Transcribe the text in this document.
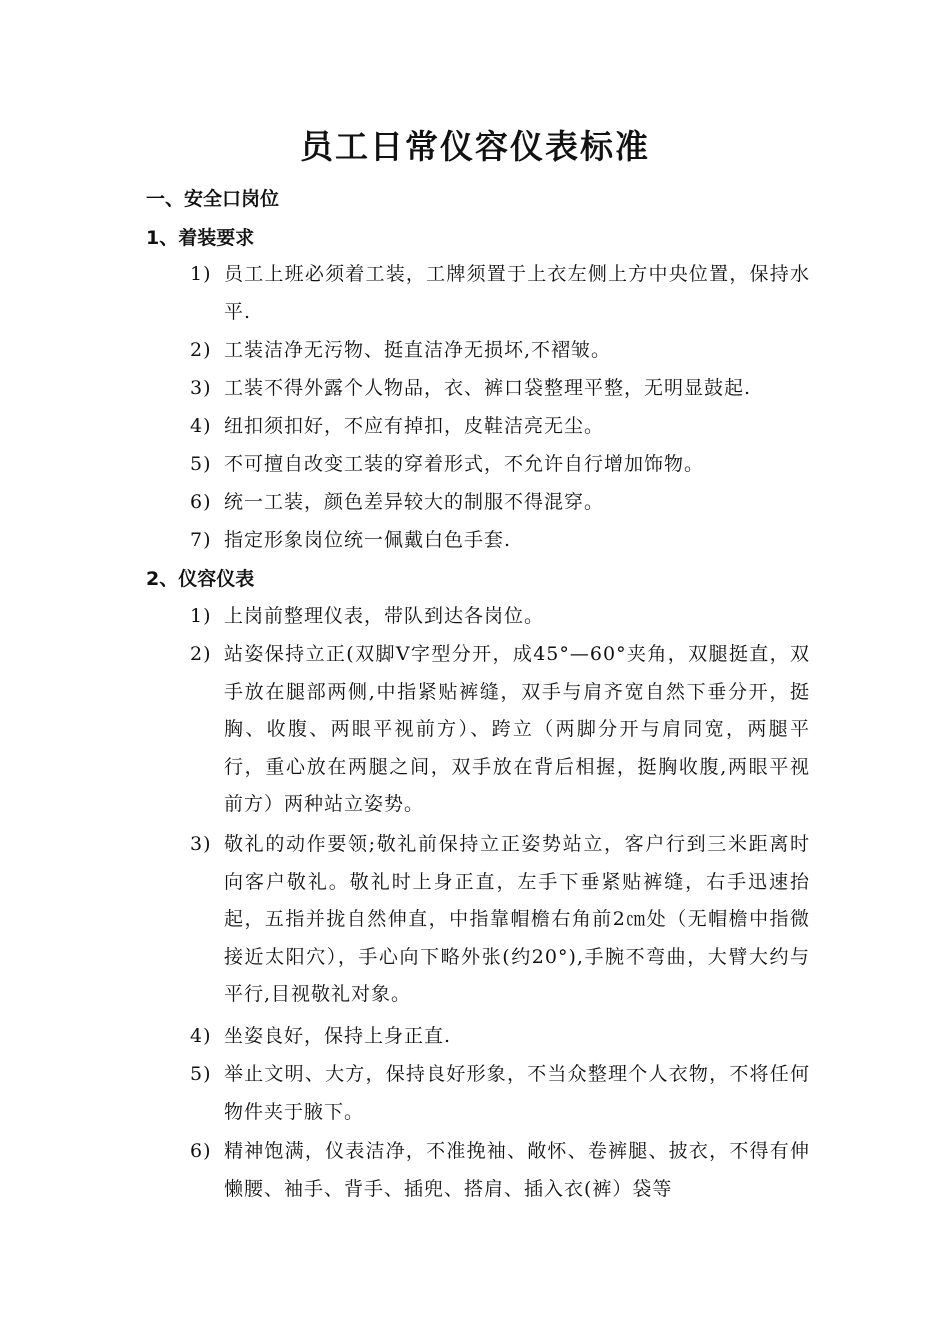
员工日常仪容仪表标准
一、安全口岗位
1、着装要求
1) 员工上班必须着工装，工牌须置于上衣左侧上方中央位置，保持水平.
2) 工装洁净无污物、挺直洁净无损坏,不褶皱。
3) 工装不得外露个人物品，衣、裤口袋整理平整，无明显鼓起.
4) 纽扣须扣好，不应有掉扣，皮鞋洁亮无尘。
5) 不可擅自改变工装的穿着形式，不允许自行增加饰物。
6) 统一工装，颜色差异较大的制服不得混穿。
7) 指定形象岗位统一佩戴白色手套.
2、仪容仪表
1) 上岗前整理仪表，带队到达各岗位。
2) 站姿保持立正(双脚V字型分开，成45°—60°夹角，双腿挺直，双手放在腿部两侧,中指紧贴裤缝，双手与肩齐宽自然下垂分开，挺胸、收腹、两眼平视前方）、跨立（两脚分开与肩同宽，两腿平行，重心放在两腿之间，双手放在背后相握，挺胸收腹,两眼平视前方）两种站立姿势。
3) 敬礼的动作要领;敬礼前保持立正姿势站立，客户行到三米距离时向客户敬礼。敬礼时上身正直，左手下垂紧贴裤缝，右手迅速抬起，五指并拢自然伸直，中指靠帽檐右角前2㎝处（无帽檐中指微接近太阳穴），手心向下略外张(约20°),手腕不弯曲，大臂大约与平行,目视敬礼对象。
4) 坐姿良好，保持上身正直.
5) 举止文明、大方，保持良好形象，不当众整理个人衣物，不将任何物件夹于腋下。
6) 精神饱满，仪表洁净，不准挽袖、敞怀、卷裤腿、披衣，不得有伸懒腰、袖手、背手、插兜、搭肩、插入衣(裤）袋等
